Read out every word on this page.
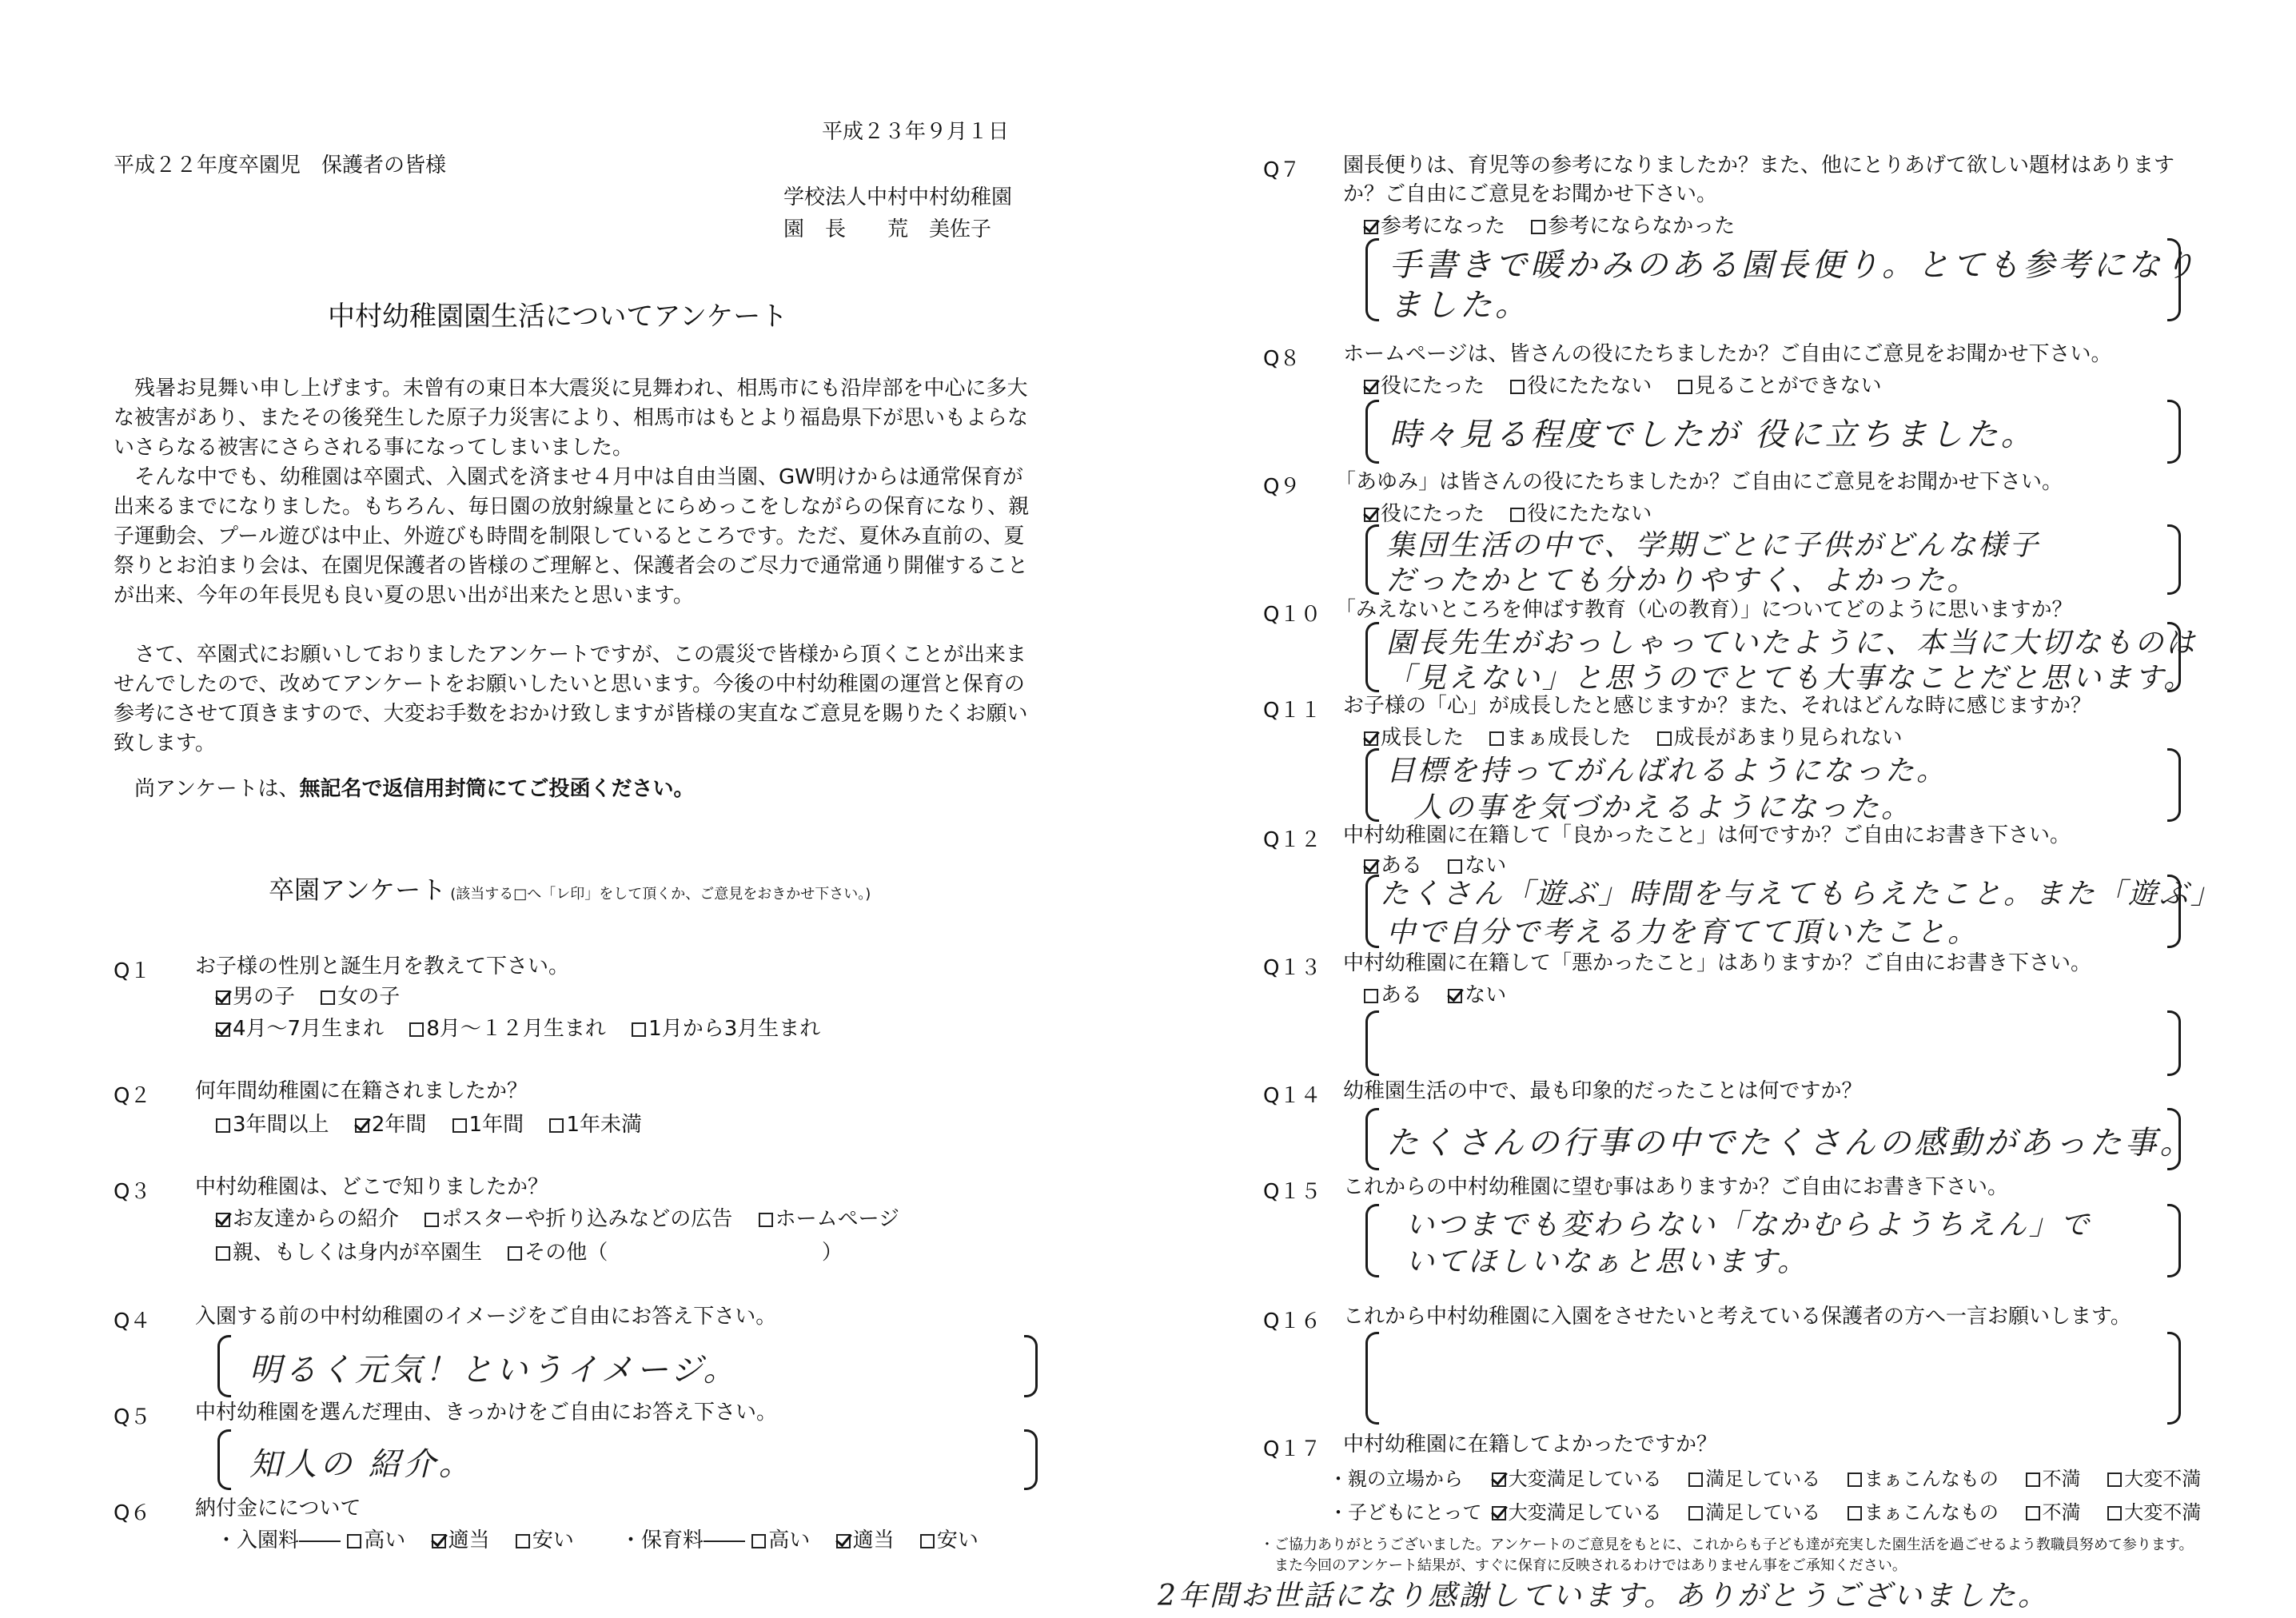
平成２３年９月１日
平成２２年度卒園児　保護者の皆様
学校法人中村中村幼稚園
園　長　　荒　美佐子
中村幼稚園園生活についてアンケート
残暑お見舞い申し上げます。未曾有の東日本大震災に見舞われ、相馬市にも沿岸部を中心に多大な被害があり、またその後発生した原子力災害により、相馬市はもとより福島県下が思いもよらないさらなる被害にさらされる事になってしまいました。
そんな中でも、幼稚園は卒園式、入園式を済ませ４月中は自由当園、GW明けからは通常保育が出来るまでになりました。もちろん、毎日園の放射線量とにらめっこをしながらの保育になり、親子運動会、プール遊びは中止、外遊びも時間を制限しているところです。ただ、夏休み直前の、夏祭りとお泊まり会は、在園児保護者の皆様のご理解と、保護者会のご尽力で通常通り開催することが出来、今年の年長児も良い夏の思い出が出来たと思います。
さて、卒園式にお願いしておりましたアンケートですが、この震災で皆様から頂くことが出来ませんでしたので、改めてアンケートをお願いしたいと思います。今後の中村幼稚園の運営と保育の参考にさせて頂きますので、大変お手数をおかけ致しますが皆様の実直なご意見を賜りたくお願い致します。
尚アンケートは、無記名で返信用封筒にてご投函ください。
卒園アンケート (該当する□へ「レ印」をして頂くか、ご意見をおきかせ下さい。)
Q１ お子様の性別と誕生月を教えて下さい。
男の子 女の子
4月～7月生まれ 8月～１２月生まれ 1月から3月生まれ
Q２ 何年間幼稚園に在籍されましたか？
3年間以上 2年間 1年間 1年未満
Q３ 中村幼稚園は、どこで知りましたか？
お友達からの紹介 ポスターや折り込みなどの広告 ホームページ
親、もしくは身内が卒園生 その他（	）
Q４ 入園する前の中村幼稚園のイメージをご自由にお答え下さい。
明るく元気！というイメージ。
Q５ 中村幼稚園を選んだ理由、きっかけをご自由にお答え下さい。
知人の 紹介。
Q６ 納付金にについて
・入園料―― 高い 適当 安い	・保育料―― 高い 適当 安い
Q７ 園長便りは、育児等の参考になりましたか？また、他にとりあげて欲しい題材はあります
か？ご自由にご意見をお聞かせ下さい。
参考になった 参考にならなかった
手書きで暖かみのある園長便り。とても参考になり
ました。
Q８ ホームページは、皆さんの役にたちましたか？ご自由にご意見をお聞かせ下さい。
役にたった 役にたたない 見ることができない
時々見る程度でしたが 役に立ちました。
Q９ 「あゆみ」は皆さんの役にたちましたか？ご自由にご意見をお聞かせ下さい。
役にたった 役にたたない
集団生活の中で、学期ごとに子供がどんな様子
だったかとても分かりやすく、よかった。
Q１０ 「みえないところを伸ばす教育（心の教育）」についてどのように思いますか？
園長先生がおっしゃっていたように、本当に大切なものは
「見えない」と思うのでとても大事なことだと思います。
Q１１ お子様の「心」が成長したと感じますか？また、それはどんな時に感じますか？
成長した まぁ成長した 成長があまり見られない
目標を持ってがんばれるようになった。
人の事を気づかえるようになった。
Q１２ 中村幼稚園に在籍して「良かったこと」は何ですか？ご自由にお書き下さい。
ある ない
たくさん「遊ぶ」時間を与えてもらえたこと。また「遊ぶ」
中で自分で考える力を育てて頂いたこと。
Q１３ 中村幼稚園に在籍して「悪かったこと」はありますか？ご自由にお書き下さい。
ある ない
Q１４ 幼稚園生活の中で、最も印象的だったことは何ですか？
たくさんの行事の中でたくさんの感動があった事。
Q１５ これからの中村幼稚園に望む事はありますか？ご自由にお書き下さい。
いつまでも変わらない「なかむらようちえん」で
いてほしいなぁと思います。
Q１６ これから中村幼稚園に入園をさせたいと考えている保護者の方へ一言お願いします。
Q１７ 中村幼稚園に在籍してよかったですか？
・親の立場から 大変満足している 満足している まぁこんなもの 不満 大変不満
・子どもにとって 大変満足している 満足している まぁこんなもの 不満 大変不満
・ご協力ありがとうございました。アンケートのご意見をもとに、これからも子ども達が充実した園生活を過ごせるよう教職員努めて参ります。
また今回のアンケート結果が、すぐに保育に反映されるわけではありません事をご承知ください。
2年間お世話になり感謝しています。ありがとうございました。
